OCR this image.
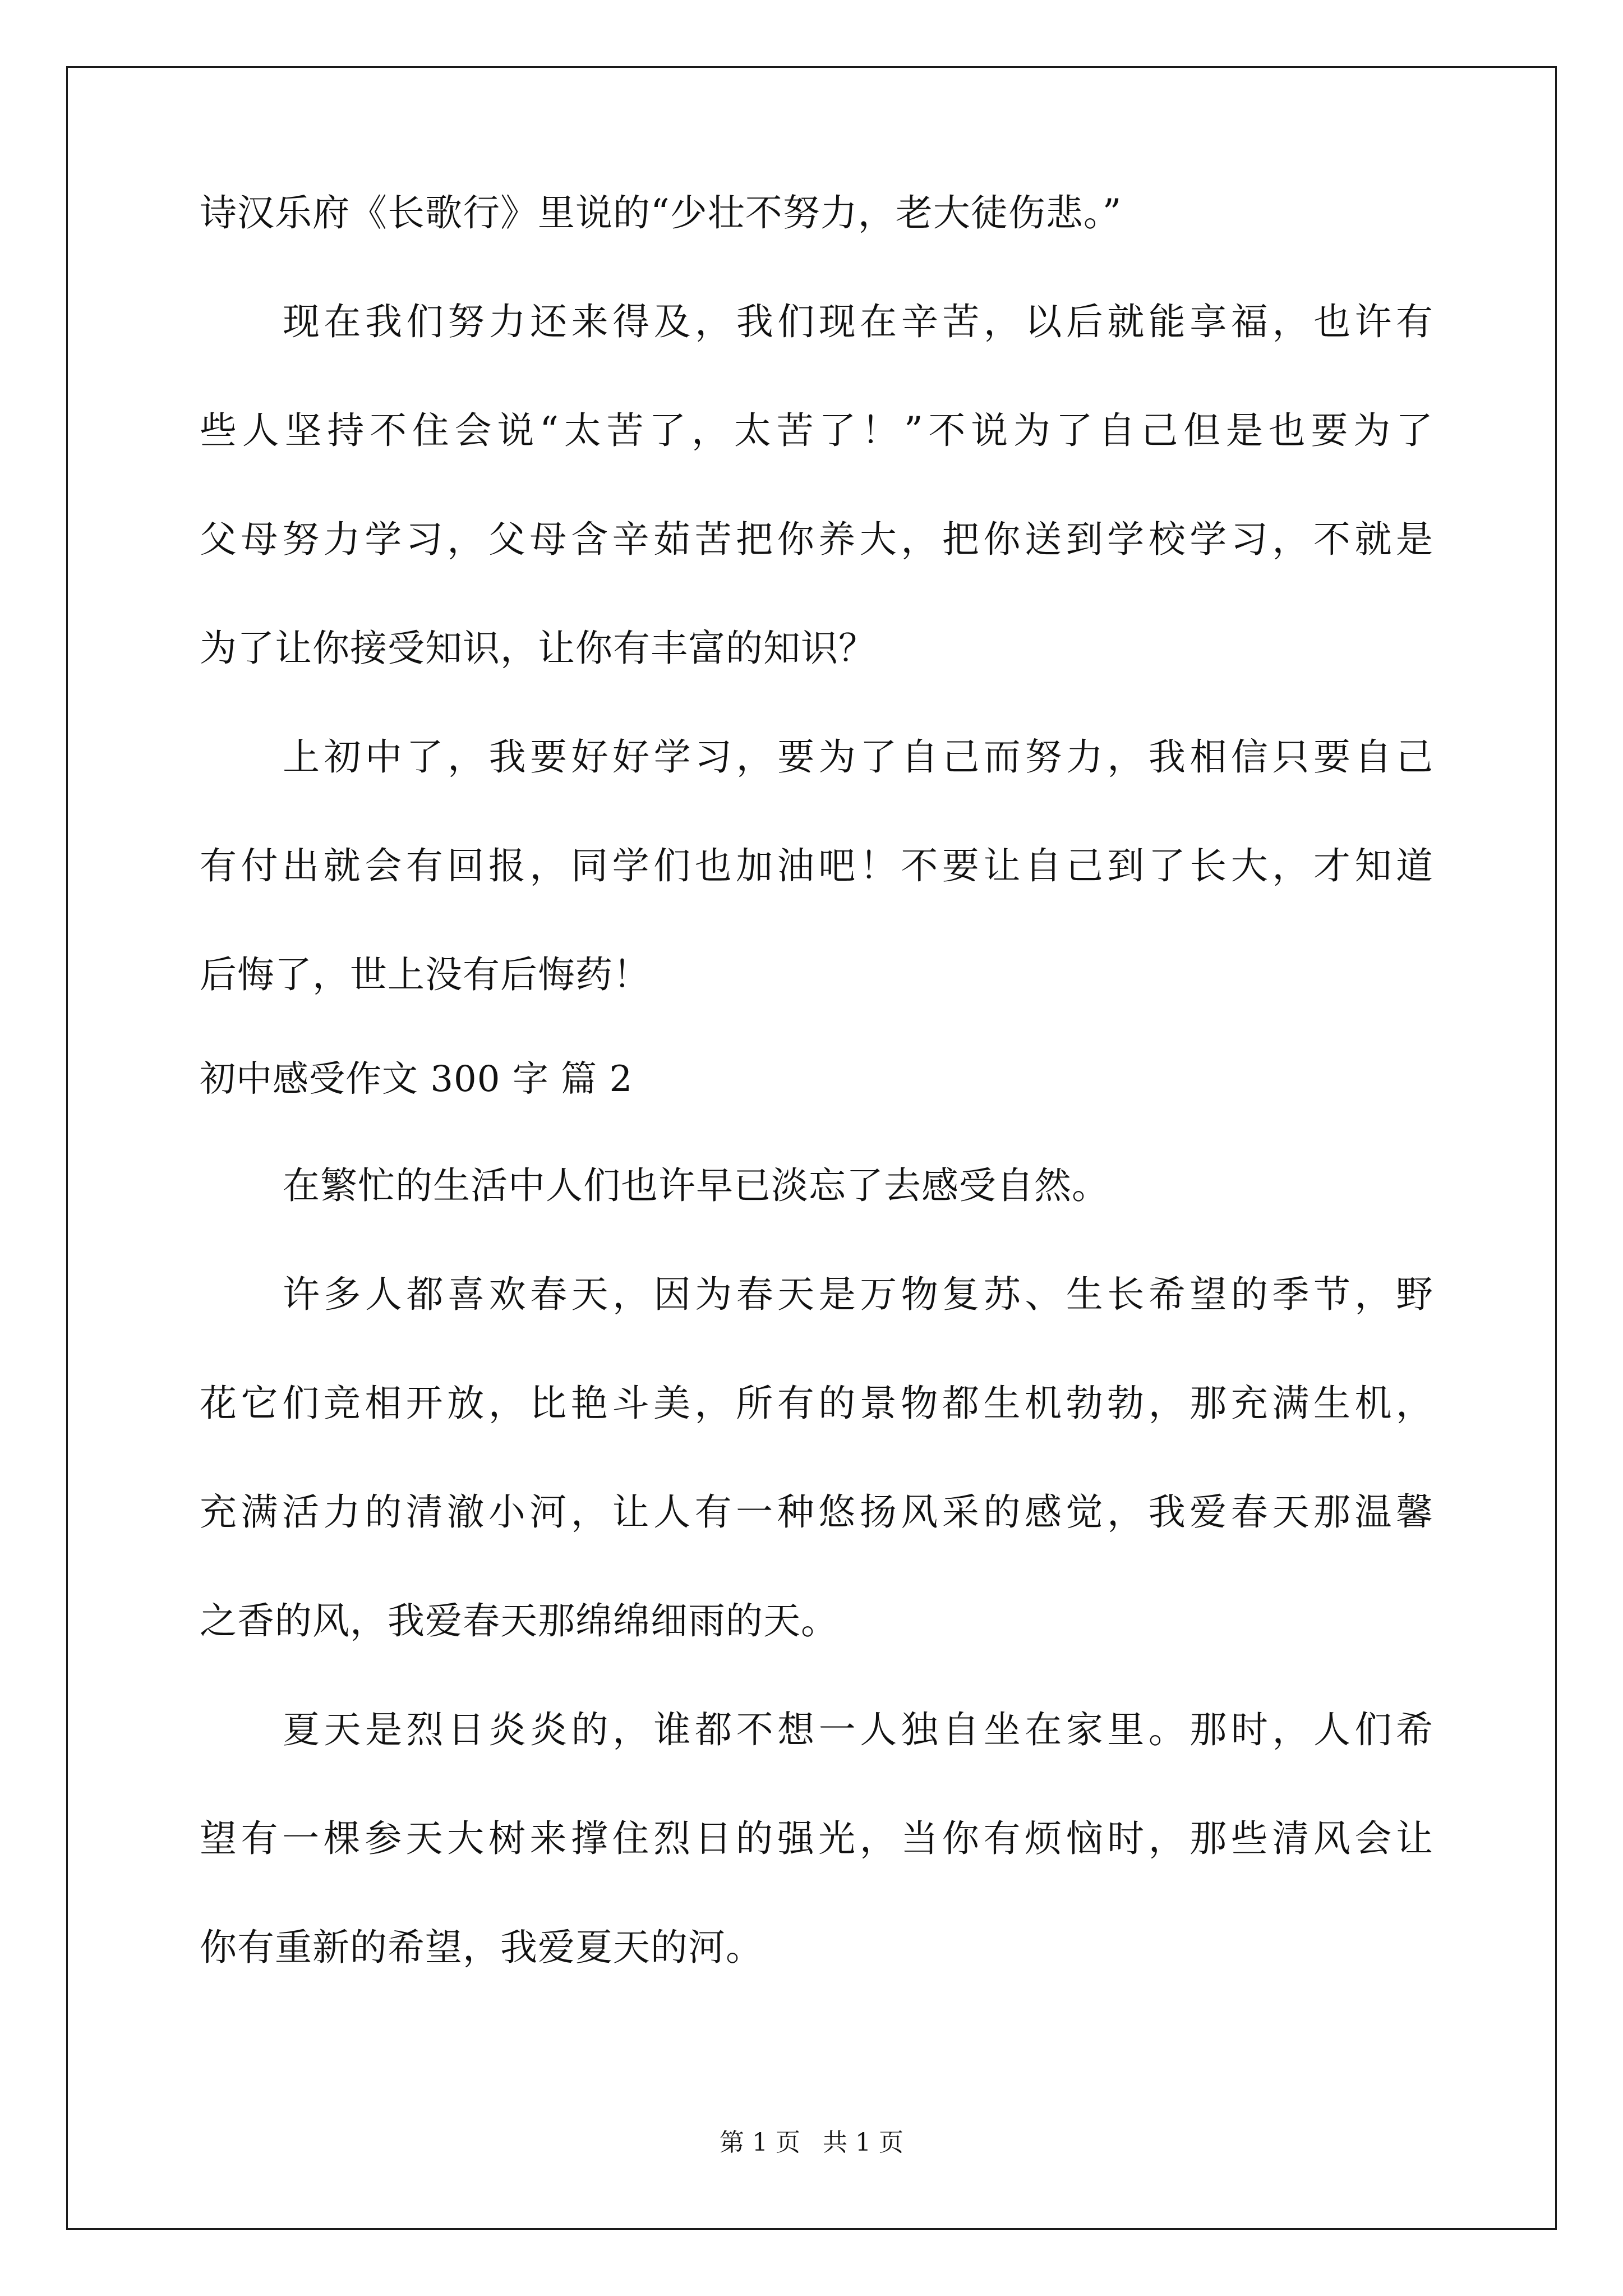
诗汉乐府《长歌行》里说的“少壮不努力，老大徒伤悲。”
现在我们努力还来得及，我们现在辛苦，以后就能享福，也许有
些人坚持不住会说“太苦了，太苦了！”不说为了自己但是也要为了
父母努力学习，父母含辛茹苦把你养大，把你送到学校学习，不就是
为了让你接受知识，让你有丰富的知识？
上初中了，我要好好学习，要为了自己而努力，我相信只要自己
有付出就会有回报，同学们也加油吧！不要让自己到了长大，才知道
后悔了，世上没有后悔药！
初中感受作文 300 字 篇 2
在繁忙的生活中人们也许早已淡忘了去感受自然。
许多人都喜欢春天，因为春天是万物复苏、生长希望的季节，野
花它们竞相开放，比艳斗美，所有的景物都生机勃勃，那充满生机，
充满活力的清澈小河，让人有一种悠扬风采的感觉，我爱春天那温馨
之香的风，我爱春天那绵绵细雨的天。
夏天是烈日炎炎的，谁都不想一人独自坐在家里。那时，人们希
望有一棵参天大树来撑住烈日的强光，当你有烦恼时，那些清风会让
你有重新的希望，我爱夏天的河。
第 1 页 共 1 页
